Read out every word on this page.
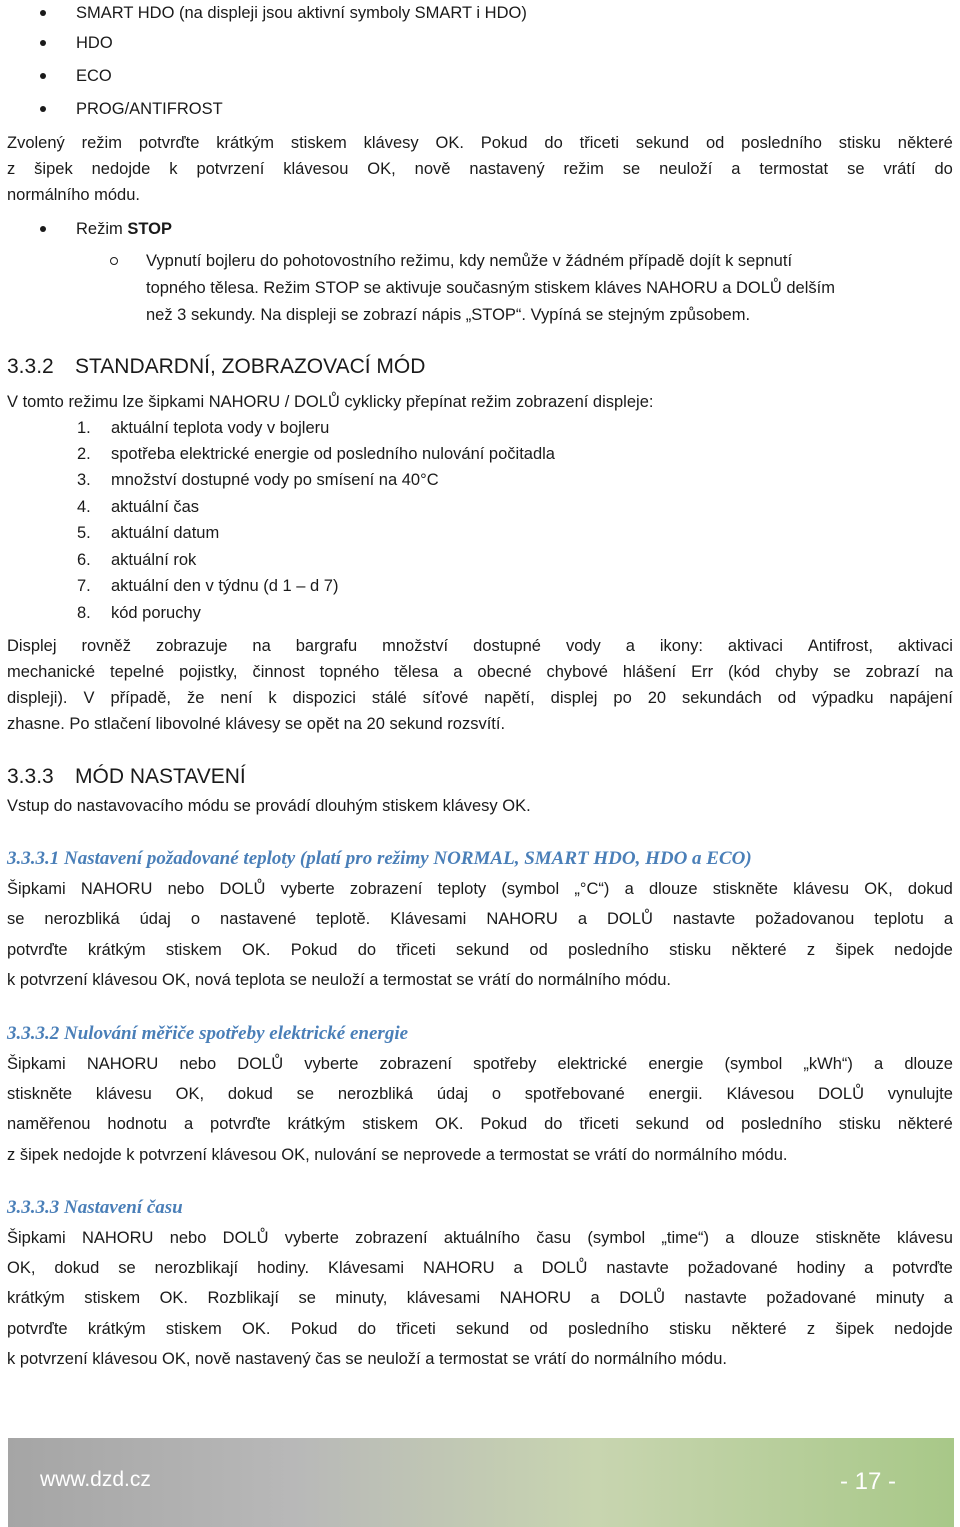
SMART HDO (na displeji jsou aktivní symboly SMART i HDO)
HDO
ECO
PROG/ANTIFROST
Zvolený režim potvrďte krátkým stiskem klávesy OK. Pokud do třiceti sekund od posledního stisku některé
z šipek nedojde k potvrzení klávesou OK, nově nastavený režim se neuloží a termostat se vrátí do
normálního módu.
Režim STOP
Vypnutí bojleru do pohotovostního režimu, kdy nemůže v žádném případě dojít k sepnutí
topného tělesa. Režim STOP se aktivuje současným stiskem kláves NAHORU a DOLŮ delším
než 3 sekundy. Na displeji se zobrazí nápis „STOP“. Vypíná se stejným způsobem.
3.3.2 STANDARDNÍ, ZOBRAZOVACÍ MÓD
V tomto režimu lze šipkami NAHORU / DOLŮ cyklicky přepínat režim zobrazení displeje:
1. aktuální teplota vody v bojleru
2. spotřeba elektrické energie od posledního nulování počitadla
3. množství dostupné vody po smísení na 40°C
4. aktuální čas
5. aktuální datum
6. aktuální rok
7. aktuální den v týdnu (d 1 – d 7)
8. kód poruchy
Displej rovněž zobrazuje na bargrafu množství dostupné vody a ikony: aktivaci Antifrost, aktivaci
mechanické tepelné pojistky, činnost topného tělesa a obecné chybové hlášení Err (kód chyby se zobrazí na
displeji). V případě, že není k dispozici stálé síťové napětí, displej po 20 sekundách od výpadku napájení
zhasne. Po stlačení libovolné klávesy se opět na 20 sekund rozsvítí.
3.3.3 MÓD NASTAVENÍ
Vstup do nastavovacího módu se provádí dlouhým stiskem klávesy OK.
3.3.3.1 Nastavení požadované teploty (platí pro režimy NORMAL, SMART HDO, HDO a ECO)
Šipkami NAHORU nebo DOLŮ vyberte zobrazení teploty (symbol „°C“) a dlouze stiskněte klávesu OK, dokud
se nerozbliká údaj o nastavené teplotě. Klávesami NAHORU a DOLŮ nastavte požadovanou teplotu a
potvrďte krátkým stiskem OK. Pokud do třiceti sekund od posledního stisku některé z šipek nedojde
k potvrzení klávesou OK, nová teplota se neuloží a termostat se vrátí do normálního módu.
3.3.3.2 Nulování měřiče spotřeby elektrické energie
Šipkami NAHORU nebo DOLŮ vyberte zobrazení spotřeby elektrické energie (symbol „kWh“) a dlouze
stiskněte klávesu OK, dokud se nerozbliká údaj o spotřebované energii. Klávesou DOLŮ vynulujte
naměřenou hodnotu a potvrďte krátkým stiskem OK. Pokud do třiceti sekund od posledního stisku některé
z šipek nedojde k potvrzení klávesou OK, nulování se neprovede a termostat se vrátí do normálního módu.
3.3.3.3 Nastavení času
Šipkami NAHORU nebo DOLŮ vyberte zobrazení aktuálního času (symbol „time“) a dlouze stiskněte klávesu
OK, dokud se nerozblikají hodiny. Klávesami NAHORU a DOLŮ nastavte požadované hodiny a potvrďte
krátkým stiskem OK. Rozblikají se minuty, klávesami NAHORU a DOLŮ nastavte požadované minuty a
potvrďte krátkým stiskem OK. Pokud do třiceti sekund od posledního stisku některé z šipek nedojde
k potvrzení klávesou OK, nově nastavený čas se neuloží a termostat se vrátí do normálního módu.
www.dzd.cz	- 17 -
